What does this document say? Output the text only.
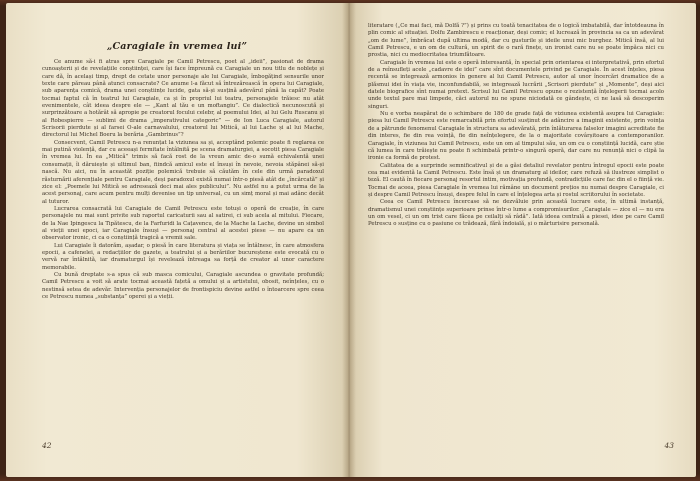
„Caragiale în vremea lui”

Ce anume să-i fi atras spre Caragiale pe Camil Petrescu, poet al „ideii”, pasionat de drama cunoașterii și de revelațiile conștiinței, care își face împreună cu Caragiale un nou titlu de noblețe și care dă, în același timp, drept de cetate unor personaje ale lui Caragiale, îmbogățind sensurile unor texte care păreau până atunci consacrate? Ce anume l-a făcut să întrezărească în opera lui Caragiale, sub aparența comică, drama unei conștiințe lucide, gata să-și susțină adevărul până la capăt? Poate tocmai faptul că în teatrul lui Caragiale, ca și în propriul lui teatru, personajele trăiesc nu atât evenimentele, cât ideea despre ele — „Kant al tău e un moftangiu”. Ce dialectică necunoscută și surprinzătoare a hotărât să apropie pe creatorul focului celebr, al poemului Idei, al lui Gelu Ruscanu și al Robespierre — sublimi de drama „imperativului categoric” — de Ion Luca Caragiale, autorul Scrisorii pierdute și al farsei O-ale carnavalului, creatorul lui Mitică, al lui Lache și al lui Mache, directorul lui Michel Boeru la berăria „Gambrinus”?

Consecvent, Camil Petrescu n-a renunțat la viziunea sa și, acceptând polemic poate fi reglarea ce mai putină violență, dar cu aceeași fermitate întâlnită pe scena dramaturgiei, a socotit piesa Caragiale în vremea lui. În ea „Mitică” trimis să facă rost de la vreun amic de-o sumă echivalentă unei consumații, îi dăruiește și ultimul ban, fiindcă amicul este el însuși în nevoie, nevoia stăpânei să-și nască. Nu aici, nu în aceastăt poziție polemică trebuie să căutăm în cele din urmă paradoxul răsturnării aferențiale pentru Caragiale, deși paradoxul există numai într-o piesă atât de „încărcată” și zice el: „Poemele lui Mitică se adresează deci mai ales publicului”. Nu astfel nu a putut urma de la acest personaj, care acum pentru mulți devenise un tip universal, cu un simț moral și mai adânc decât al tuturor.

Lucrarea consacrată lui Caragiale de Camil Petrescu este totuși o operă de creație, în care personajele nu mai sunt privite sub raportul caricaturii sau al satirei, ci sub acela al mitului. Fiecare, de la Nae Ipingescu la Tipătescu, de la Farfuridi la Cațavencu, de la Mache la Lache, devine un simbol al vieții unei epoci, iar Caragiale însuși — personaj central al acestei piese — nu apare ca un observator ironic, ci ca o conștiință tragică a vremii sale.

Lui Caragiale îi datorăm, așadar, o piesă în care literatura și viața se întâlnesc, în care atmosfera epocii, a cafenelei, a redacțiilor de gazete, a teatrului și a berăriilor bucureștene este evocată cu o vervă rar întâlnită, iar dramaturgul își revelează întreaga sa forță de creator al unor caractere memorabile.

Cu bună dreptate s-a spus că sub masca comicului, Caragiale ascundea o gravitate profundă; Camil Petrescu a voit să arate tocmai această fațetă a omului și a artistului, obosit, neînțeles, cu o nestinsă setea de adevăr. Intervenția personajelor de frontispiciu devine astfel o întoarcere spre ceea ce Petrescu numea „substanța” operei și a vieții.

42

literatare („Ce mai faci, mă Dolfă ?”) și prins cu toată tenacitatea de o logică imbatabilă, dar întotdeauna în plin comic al situației. Dolfu Zambirescu e reacționar, deși comic; el lucrează în provincia sa ca un adevărat „om de lume”, îmbrăcat după ultima modă, dar cu gusturile și ideile unui mic burghez. Mitică însă, al lui Camil Petrescu, e un om de cultură, un spirit de o rară finețe, un ironist care nu se poate împăca nici cu prostia, nici cu mediocritatea triumfătoare.

Caragiale în vremea lui este o operă interesantă, în special prin orientarea ei interpretativă, prin efortul de a reînsufleți acele „cadavre de idei” care sînt documentele privind pe Caragiale. În acest înțeles, piesa recentă se integrează armonios în genere al lui Camil Petrescu, autor al unor încercări dramatice de a plăsmui idei în viața vie, inconfundabilă, se integrează lucrării „Scrisori pierdute” și „Momente”, deși aici datele biografice sînt numai pretext. Scrisul lui Camil Petrescu opune o rezistență înțelegerii tocmai acolo unde textul pare mai limpede, căci autorul nu ne spune niciodată ce gândește, ci ne lasă să descoperim singuri.

Nu e vorba neapărat de o schimbare de 180 de grade față de viziunea existentă asupra lui Caragiale: piesa lui Camil Petrescu este remarcabilă prin efortul susținut de adâncire a imaginii existente, prin voința de a pătrunde fenomenul Caragiale în structura sa adevărată, prin înlăturarea falselor imagini acreditate fie din interes, fie din rea voință, fie din neînțelegere, de la o majoritate covârșitoare a contemporanilor. Caragiale, în viziunea lui Camil Petrescu, este un om al timpului său, un om cu o conștiință lucidă, care știe că lumea în care trăiește nu poate fi schimbată printr-o singură operă, dar care nu renunță nici o clipă la ironie ca formă de protest.

Calitatea de a surprinde semnificativul și de a găsi detaliul revelator pentru întregul epocii este poate cea mai evidentă la Camil Petrescu. Este însă și un dramaturg al ideilor, care refuză să ilustreze simplist o teză. El caută în fiecare personaj resortul intim, motivația profundă, contradicțiile care fac din el o ființă vie. Tocmai de aceea, piesa Caragiale în vremea lui rămâne un document prețios nu numai despre Caragiale, ci și despre Camil Petrescu însuși, despre felul în care el înțelegea arta și rostul scriitorului în societate.

Ceea ce Camil Petrescu încercase să ne dezvăluie prin această lucrare este, în ultimă instanță, dramatismul unei conștiințe superioare prinse într-o lume a compromisurilor. „Caragiale — zice el — nu era un om vesel, ci un om trist care făcea pe ceilalți să râdă”. Iată ideea centrală a piesei, idee pe care Camil Petrescu o susține cu o pasiune ce trădează, fără îndoială, și o mărturisire personală.

43
